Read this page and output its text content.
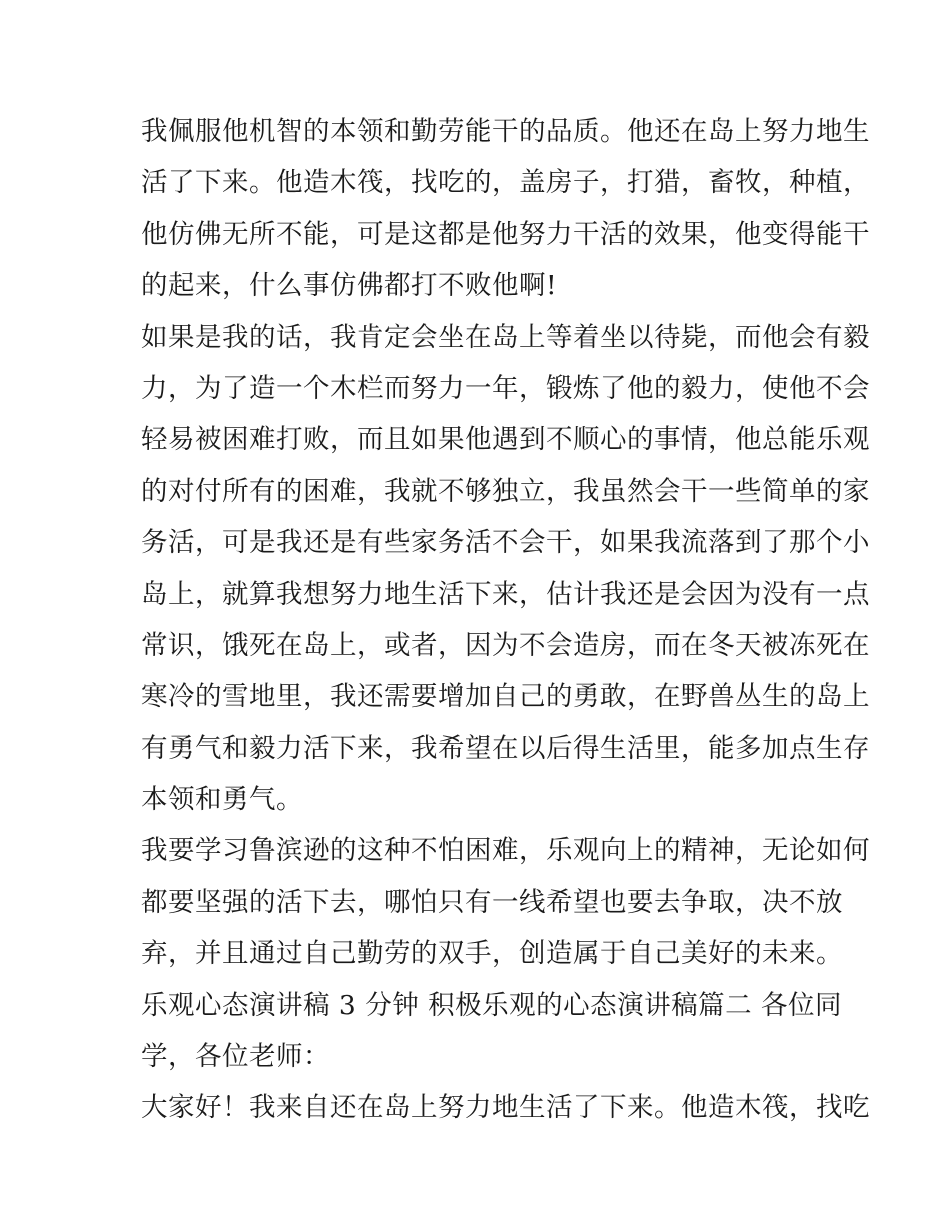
我佩服他机智的本领和勤劳能干的品质。他还在岛上努力地生
活了下来。他造木筏，找吃的，盖房子，打猎，畜牧，种植，
他仿佛无所不能，可是这都是他努力干活的效果，他变得能干
的起来，什么事仿佛都打不败他啊!
如果是我的话，我肯定会坐在岛上等着坐以待毙，而他会有毅
力，为了造一个木栏而努力一年，锻炼了他的毅力，使他不会
轻易被困难打败，而且如果他遇到不顺心的事情，他总能乐观
的对付所有的困难，我就不够独立，我虽然会干一些简单的家
务活，可是我还是有些家务活不会干，如果我流落到了那个小
岛上，就算我想努力地生活下来，估计我还是会因为没有一点
常识，饿死在岛上，或者，因为不会造房，而在冬天被冻死在
寒冷的雪地里，我还需要增加自己的勇敢，在野兽丛生的岛上
有勇气和毅力活下来，我希望在以后得生活里，能多加点生存
本领和勇气。
我要学习鲁滨逊的这种不怕困难，乐观向上的精神，无论如何
都要坚强的活下去，哪怕只有一线希望也要去争取，决不放
弃，并且通过自己勤劳的双手，创造属于自己美好的未来。
乐观心态演讲稿 3 分钟 积极乐观的心态演讲稿篇二 各位同
学，各位老师：
大家好！我来自还在岛上努力地生活了下来。他造木筏，找吃
